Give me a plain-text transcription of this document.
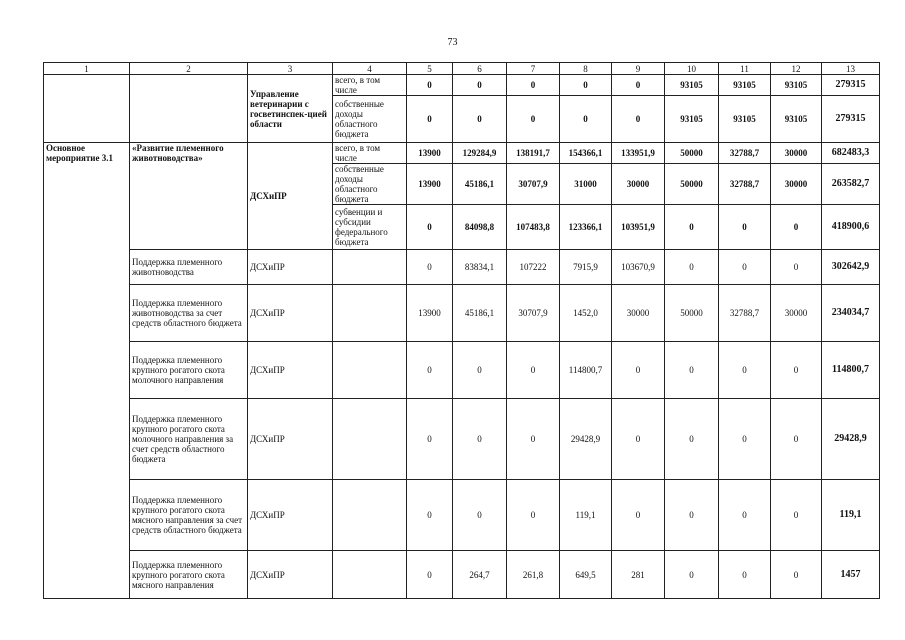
73
1	2	3	4	5	6	7	8	9	10	11	12	13
		Управление ветеринарии с госветинспек-цией области	всего, в том числе	0	0	0	0	0	93105	93105	93105	279315
			собственные доходы областного бюджета	0	0	0	0	0	93105	93105	93105	279315
Основное мероприятие 3.1	«Развитие племенного животноводства»	ДСХиПР	всего, в том числе	13900	129284,9	138191,7	154366,1	133951,9	50000	32788,7	30000	682483,3
			собственные доходы областного бюджета	13900	45186,1	30707,9	31000	30000	50000	32788,7	30000	263582,7
			субвенции и субсидии федерального бюджета	0	84098,8	107483,8	123366,1	103951,9	0	0	0	418900,6
	Поддержка племенного животноводства	ДСХиПР		0	83834,1	107222	7915,9	103670,9	0	0	0	302642,9
	Поддержка племенного животноводства за счет средств областного бюджета	ДСХиПР		13900	45186,1	30707,9	1452,0	30000	50000	32788,7	30000	234034,7
	Поддержка племенного крупного рогатого скота молочного направления	ДСХиПР		0	0	0	114800,7	0	0	0	0	114800,7
	Поддержка племенного крупного рогатого скота молочного направления за счет средств областного бюджета	ДСХиПР		0	0	0	29428,9	0	0	0	0	29428,9
	Поддержка племенного крупного рогатого скота мясного направления за счет средств областного бюджета	ДСХиПР		0	0	0	119,1	0	0	0	0	119,1
	Поддержка племенного крупного рогатого скота мясного направления	ДСХиПР		0	264,7	261,8	649,5	281	0	0	0	1457
